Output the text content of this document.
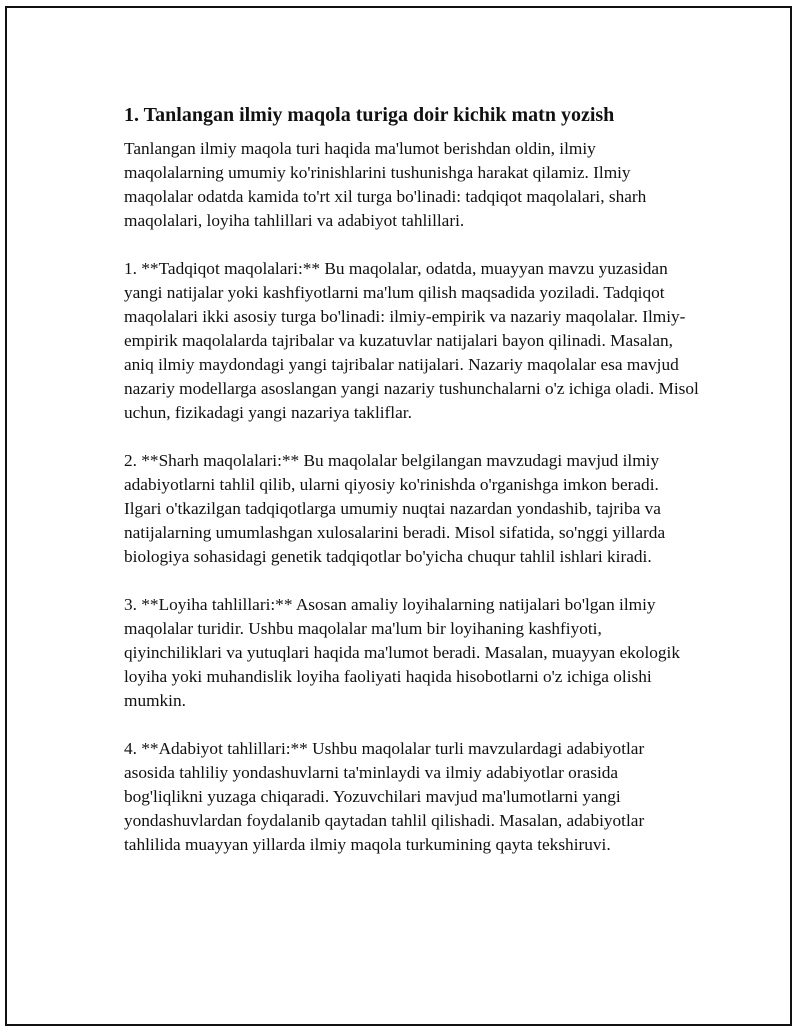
1. Tanlangan ilmiy maqola turiga doir kichik matn yozish

Tanlangan ilmiy maqola turi haqida ma'lumot berishdan oldin, ilmiy maqolalarning umumiy ko'rinishlarini tushunishga harakat qilamiz. Ilmiy maqolalar odatda kamida to'rt xil turga bo'linadi: tadqiqot maqolalari, sharh maqolalari, loyiha tahlillari va adabiyot tahlillari.

1. **Tadqiqot maqolalari:** Bu maqolalar, odatda, muayyan mavzu yuzasidan yangi natijalar yoki kashfiyotlarni ma'lum qilish maqsadida yoziladi. Tadqiqot maqolalari ikki asosiy turga bo'linadi: ilmiy-empirik va nazariy maqolalar. Ilmiy-empirik maqolalarda tajribalar va kuzatuvlar natijalari bayon qilinadi. Masalan, aniq ilmiy maydondagi yangi tajribalar natijalari. Nazariy maqolalar esa mavjud nazariy modellarga asoslangan yangi nazariy tushunchalarni o'z ichiga oladi. Misol uchun, fizikadagi yangi nazariya takliflar.

2. **Sharh maqolalari:** Bu maqolalar belgilangan mavzudagi mavjud ilmiy adabiyotlarni tahlil qilib, ularni qiyosiy ko'rinishda o'rganishga imkon beradi. Ilgari o'tkazilgan tadqiqotlarga umumiy nuqtai nazardan yondashib, tajriba va natijalarning umumlashgan xulosalarini beradi. Misol sifatida, so'nggi yillarda biologiya sohasidagi genetik tadqiqotlar bo'yicha chuqur tahlil ishlari kiradi.

3. **Loyiha tahlillari:** Asosan amaliy loyihalarning natijalari bo'lgan ilmiy maqolalar turidir. Ushbu maqolalar ma'lum bir loyihaning kashfiyoti, qiyinchiliklari va yutuqlari haqida ma'lumot beradi. Masalan, muayyan ekologik loyiha yoki muhandislik loyiha faoliyati haqida hisobotlarni o'z ichiga olishi mumkin.

4. **Adabiyot tahlillari:** Ushbu maqolalar turli mavzulardagi adabiyotlar asosida tahliliy yondashuvlarni ta'minlaydi va ilmiy adabiyotlar orasida bog'liqlikni yuzaga chiqaradi. Yozuvchilari mavjud ma'lumotlarni yangi yondashuvlardan foydalanib qaytadan tahlil qilishadi. Masalan, adabiyotlar tahlilida muayyan yillarda ilmiy maqola turkumining qayta tekshiruvi.
